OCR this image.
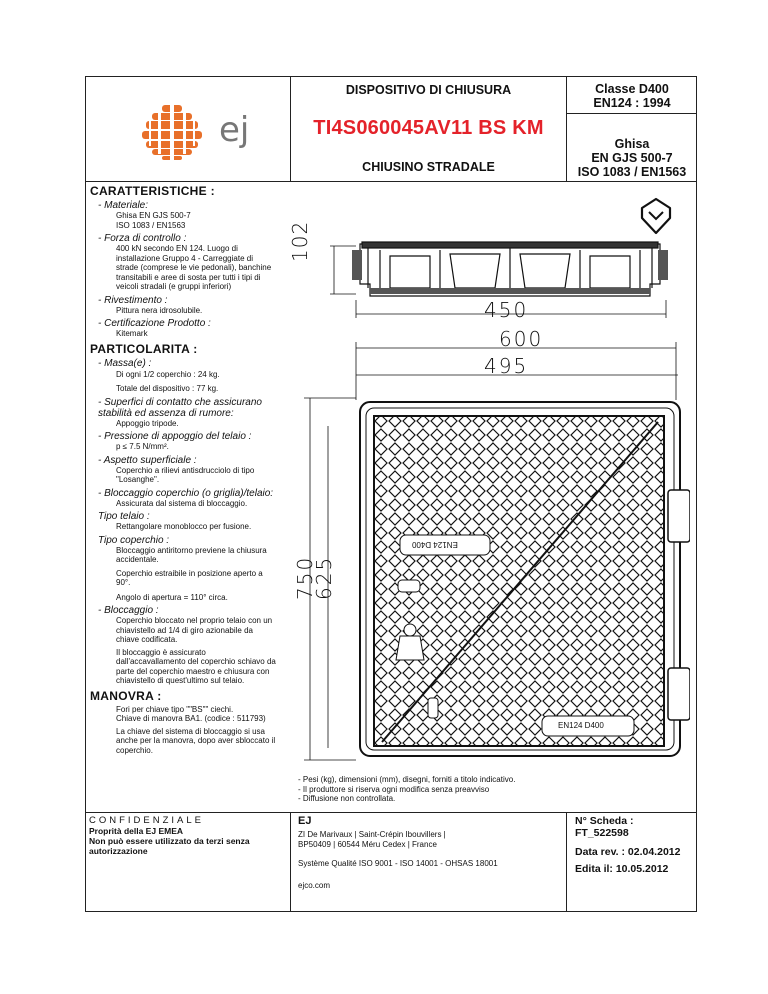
ej
DISPOSITIVO DI CHIUSURA
TI4S060045AV11 BS KM
CHIUSINO STRADALE
Classe D400
EN124 : 1994
Ghisa
EN GJS 500-7
ISO 1083 / EN1563
CARATTERISTICHE :
- Materiale:
Ghisa EN GJS 500-7
ISO 1083 / EN1563
- Forza di controllo :
400 kN secondo EN 124. Luogo di
installazione Gruppo 4 - Carreggiate di
strade (comprese le vie pedonali), banchine
transitabili e aree di sosta per tutti i tipi di
veicoli stradali (e gruppi inferiori)
- Rivestimento :
Pittura nera idrosolubile.
- Certificazione Prodotto :
Kitemark
PARTICOLARITA :
- Massa(e) :
Di ogni 1/2 coperchio : 24 kg.
Totale del dispositivo : 77 kg.
- Superfici di contatto che assicurano
stabilità ed assenza di rumore:
Appoggio tripode.
- Pressione di appoggio del telaio :
p ≤ 7.5 N/mm².
- Aspetto superficiale :
Coperchio a rilievi antisdrucciolo di tipo
"Losanghe".
- Bloccaggio coperchio (o griglia)/telaio:
Assicurata dal sistema di bloccaggio.
Tipo telaio :
Rettangolare monoblocco per fusione.
Tipo coperchio :
Bloccaggio antiritorno previene la chiusura
accidentale.
Coperchio estraibile in posizione aperto a
90°.
Angolo di apertura = 110° circa.
- Bloccaggio :
Coperchio bloccato nel proprio telaio con un
chiavistello ad 1/4 di giro azionabile da
chiave codificata.
Il bloccaggio è assicurato
dall'accavallamento del coperchio schiavo da
parte del coperchio maestro e chiusura con
chiavistello di quest'ultimo sul telaio.
MANOVRA :
Fori per chiave tipo ""BS"" ciechi.
Chiave di manovra BA1. (codice : 511793)
La chiave del sistema di bloccaggio si usa
anche per la manovra, dopo aver sbloccato il
coperchio.
102
450
600
495
750
625
EN124 D400
EN124 D400
- Pesi (kg), dimensioni (mm), disegni, forniti a titolo indicativo.
- Il produttore si riserva ogni modifica senza preavviso
- Diffusione non controllata.
CONFIDENZIALE
Proprità della EJ EMEA
Non può essere utilizzato da terzi senza
autorizzazione
EJ
ZI De Marivaux | Saint-Crépin Ibouvillers |
BP50409 | 60544 Méru Cedex | France
Système Qualité ISO 9001 - ISO 14001 - OHSAS 18001
ejco.com
N° Scheda :
FT_522598
Data rev. : 02.04.2012
Edita il: 10.05.2012
